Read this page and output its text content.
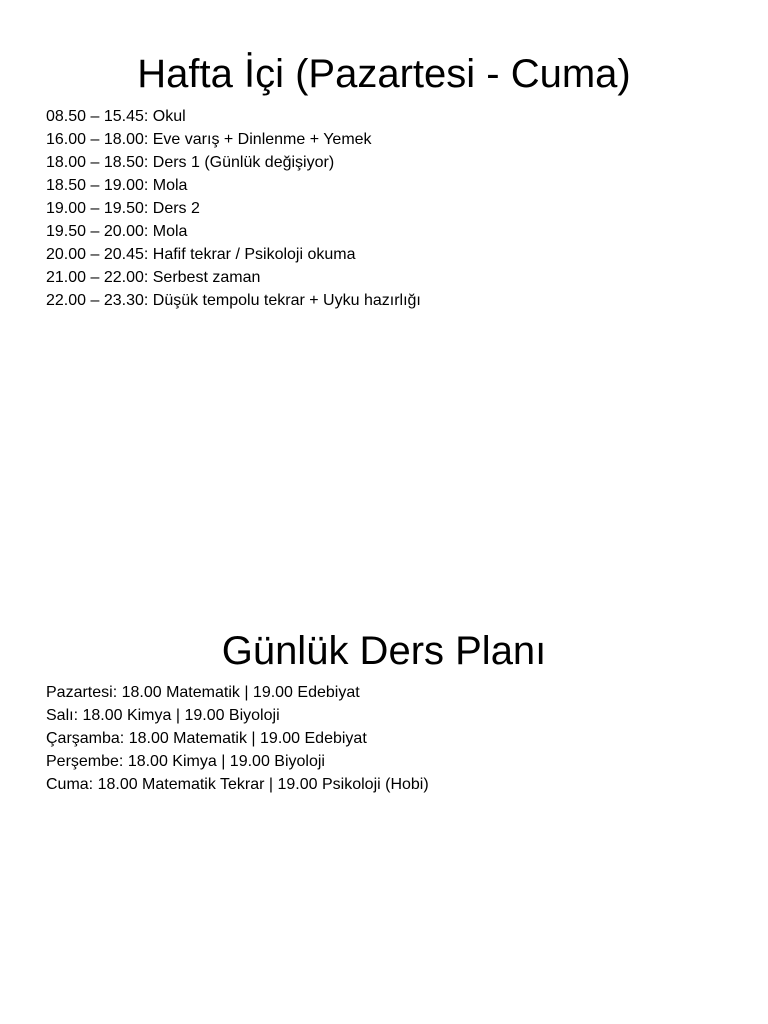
Hafta İçi (Pazartesi - Cuma)
08.50 – 15.45: Okul
16.00 – 18.00: Eve varış + Dinlenme + Yemek
18.00 – 18.50: Ders 1 (Günlük değişiyor)
18.50 – 19.00: Mola
19.00 – 19.50: Ders 2
19.50 – 20.00: Mola
20.00 – 20.45: Hafif tekrar / Psikoloji okuma
21.00 – 22.00: Serbest zaman
22.00 – 23.30: Düşük tempolu tekrar + Uyku hazırlığı
Günlük Ders Planı
Pazartesi: 18.00 Matematik | 19.00 Edebiyat
Salı: 18.00 Kimya | 19.00 Biyoloji
Çarşamba: 18.00 Matematik | 19.00 Edebiyat
Perşembe: 18.00 Kimya | 19.00 Biyoloji
Cuma: 18.00 Matematik Tekrar | 19.00 Psikoloji (Hobi)
